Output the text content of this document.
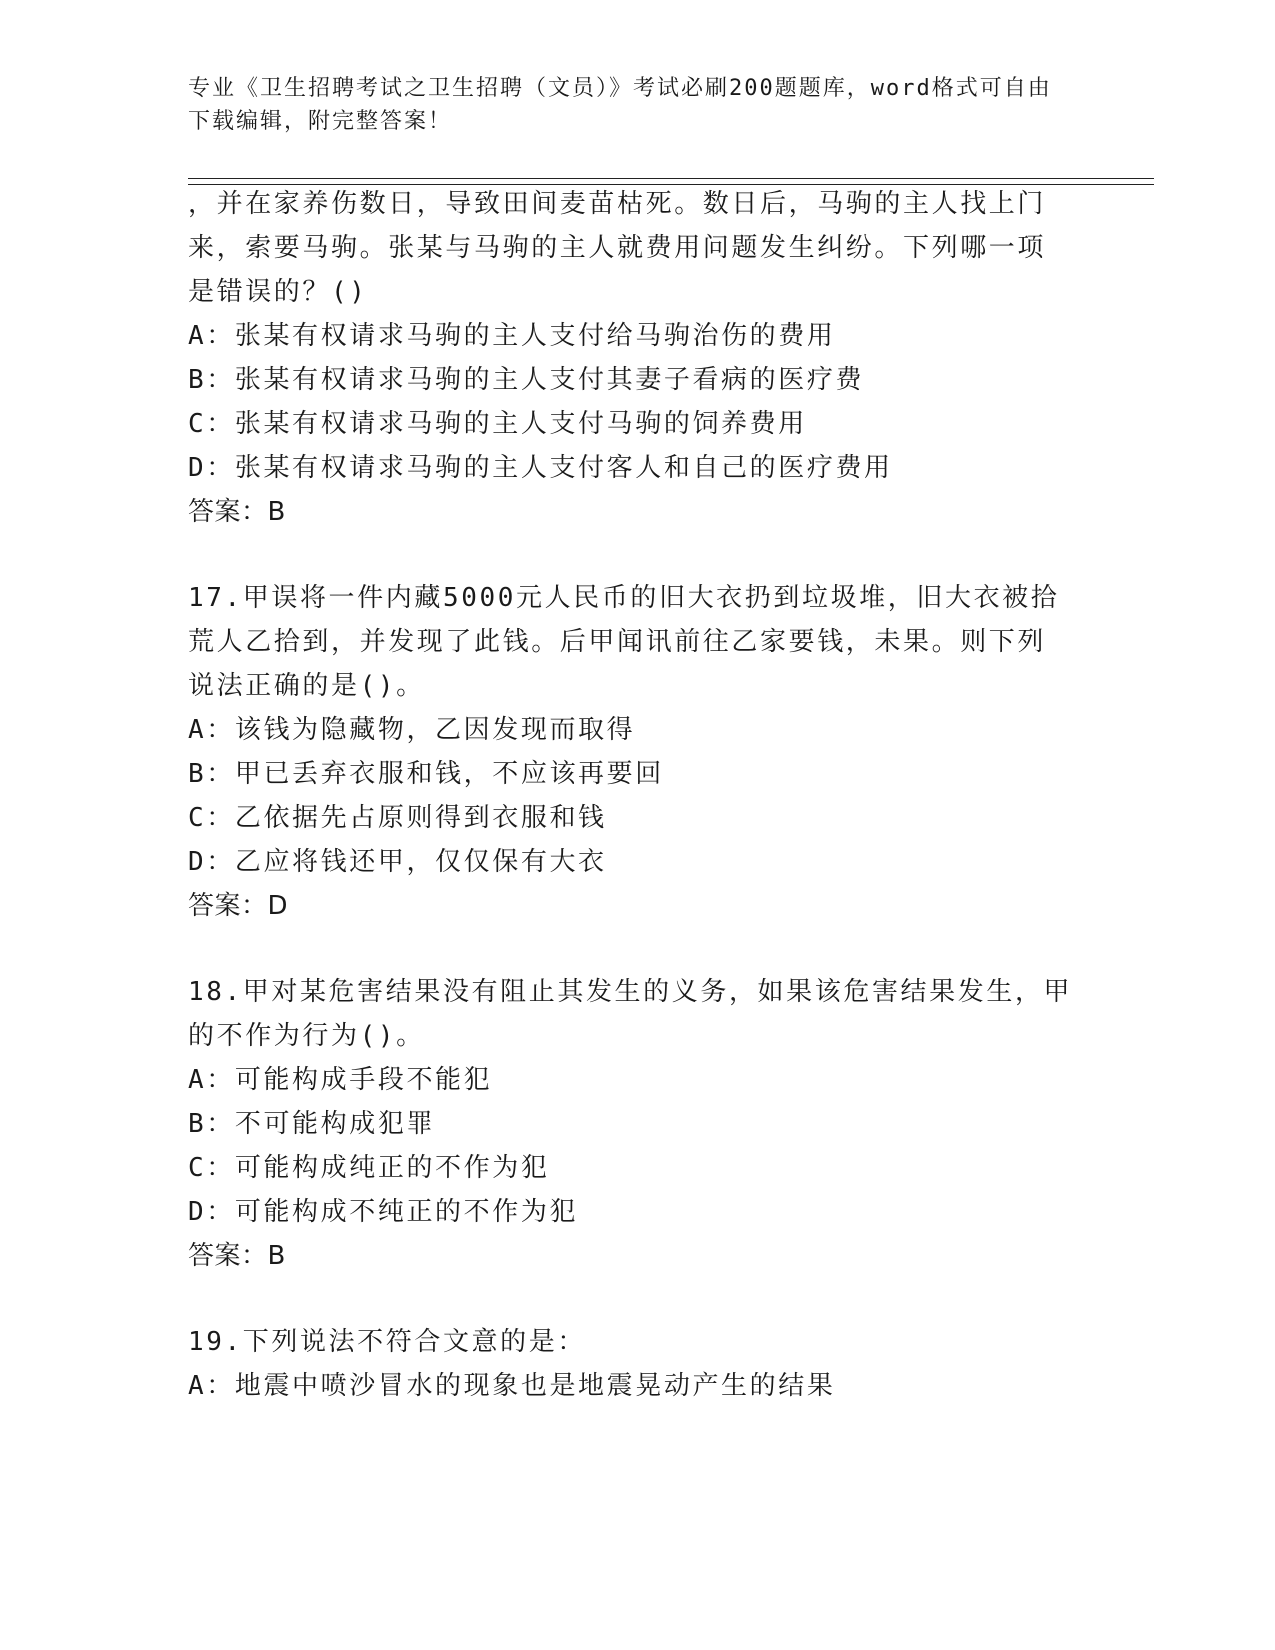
专业《卫生招聘考试之卫生招聘（文员）》考试必刷200题题库，word格式可自由下载编辑，附完整答案！
，并在家养伤数日，导致田间麦苗枯死。数日后，马驹的主人找上门
来，索要马驹。张某与马驹的主人就费用问题发生纠纷。下列哪一项
是错误的？()
A：张某有权请求马驹的主人支付给马驹治伤的费用
B：张某有权请求马驹的主人支付其妻子看病的医疗费
C：张某有权请求马驹的主人支付马驹的饲养费用
D：张某有权请求马驹的主人支付客人和自己的医疗费用
答案：B
17.甲误将一件内藏5000元人民币的旧大衣扔到垃圾堆，旧大衣被拾
荒人乙拾到，并发现了此钱。后甲闻讯前往乙家要钱，未果。则下列
说法正确的是()。
A：该钱为隐藏物，乙因发现而取得
B：甲已丢弃衣服和钱，不应该再要回
C：乙依据先占原则得到衣服和钱
D：乙应将钱还甲，仅仅保有大衣
答案：D
18.甲对某危害结果没有阻止其发生的义务，如果该危害结果发生，甲
的不作为行为()。
A：可能构成手段不能犯
B：不可能构成犯罪
C：可能构成纯正的不作为犯
D：可能构成不纯正的不作为犯
答案：B
19.下列说法不符合文意的是：
A：地震中喷沙冒水的现象也是地震晃动产生的结果
